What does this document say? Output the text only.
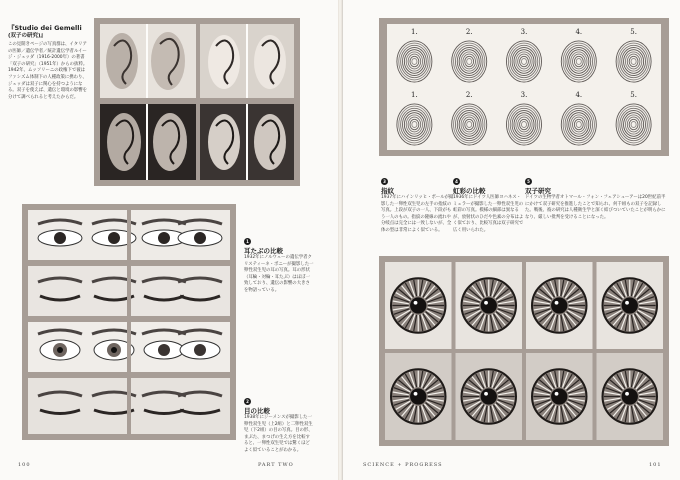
『Studio dei Gemelli
(双子の研究)』
この見開きページの写真群は、イタリアの医師／遺伝学者／統計遺伝学者ルイージ・ジェッダ（1916-2000年）の著書「双子の研究」（1951年）からの抜粋。1942年、ムッソリーニの政権下で彼はファシズム体制下の人種政策に携わり、ジェッダは双子に関心を持つようになる。双子を使えば、遺伝と環境の影響を分けて調べられると考えたからだ。
1
耳たぶの比較
1932年にノルウェーの遺伝学者クリスティーネ・ボニーが撮影した一卵性双生児の耳の写真。耳の形状（耳輪・対輪・耳たぶ）はほぼ一致しており、遺伝の影響の大きさを物語っている。
2
目の比較
1938年にジーメンスが撮影した一卵性双生児（上2組）と二卵性双生児（下2組）の目の写真。目の形、まぶた、まつげの生え方を比較すると、一卵性双生児では驚くほどよく似ていることがわかる。
100	PART TWO
1.	2.	3.	4.	5.
1.	2.	3.	4.	5.
3
指紋
1937年にハインリッヒ・ポールが撮影した一卵性双生児の左手の指紋の写真。上段が双子の一人、下段がもう一人のもの。指紋の隆線の流れや分岐点は完全には一致しないが、全体の型は非常によく似ている。
4
虹彩の比較
1936年にドイツ人医師ヨハネス・ミュラーが撮影した一卵性双生児の虹彩の写真。模様の細部は異なるが、放射状のひだや色素の分布はよく似ており、比較写真は双子研究で広く用いられた。
5
双子研究
ドイツの生物学者オトマール・フォン・フェアシューアーは20世紀前半にかけて双子研究を推進したことで知られ、何千組もの双子を記録した。戦後、彼の研究は人種衛生学と深く結びついていたことが明らかになり、厳しい批判を受けることになった。
SCIENCE + PROGRESS	101
